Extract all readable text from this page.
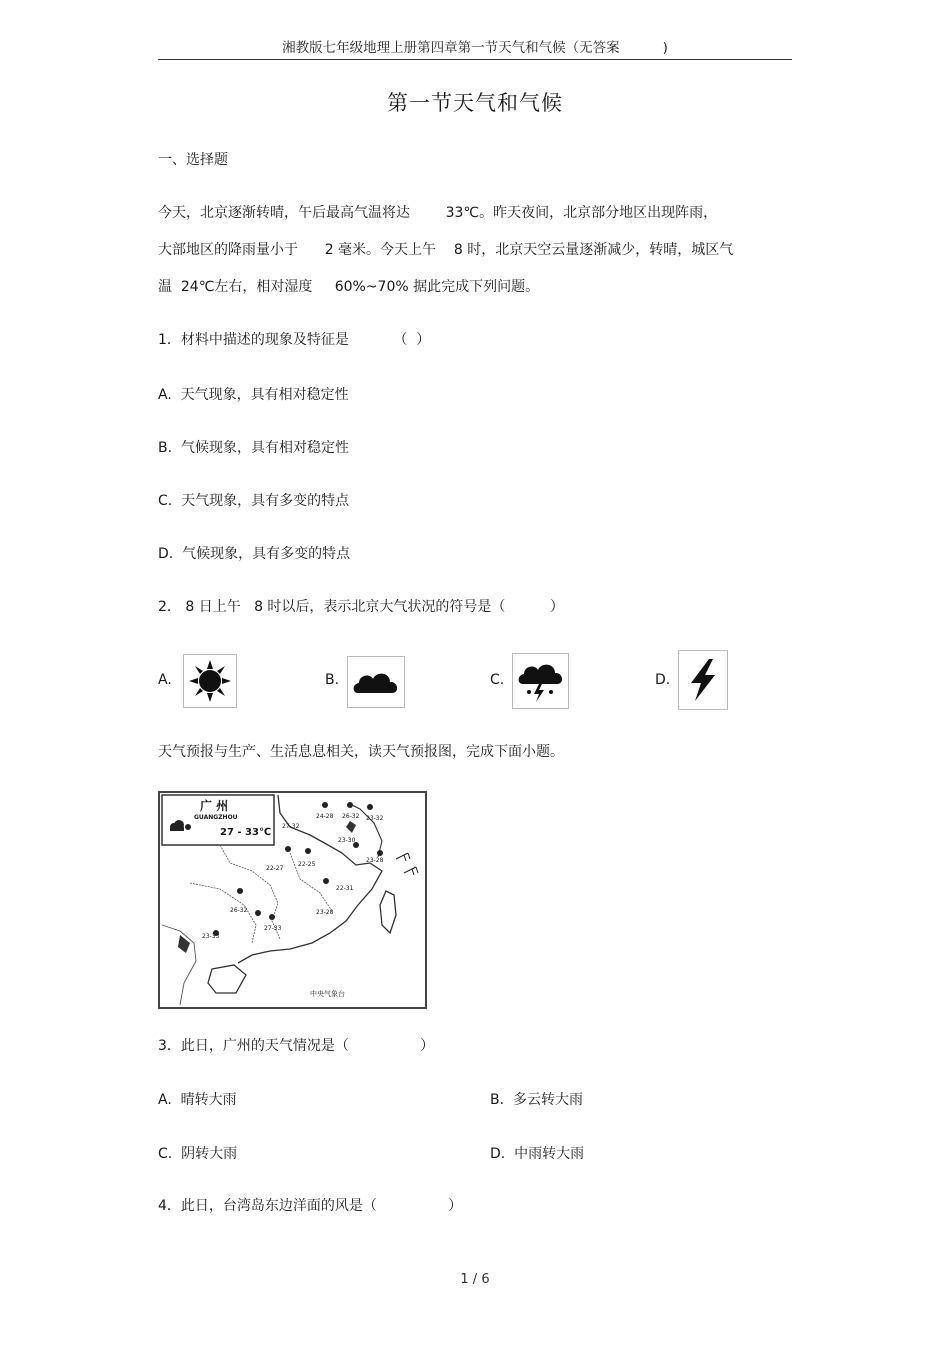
湘教版七年级地理上册第四章第一节天气和气候（无答案          )
第一节天气和气候
一、选择题
今天，北京逐渐转晴，午后最高气温将达        33℃。昨天夜间，北京部分地区出现阵雨，
大部地区的降雨量小于      2 毫米。今天上午    8 时，北京天空云量逐渐减少，转晴，城区气
温  24℃左右，相对湿度     60%~70% 据此完成下列问题。
1．材料中描述的现象及特征是          （  ）
A.  天气现象，具有相对稳定性
B.  气候现象，具有相对稳定性
C.  天气现象，具有多变的特点
D.  气候现象，具有多变的特点
2． 8 日上午   8 时以后，表示北京大气状况的符号是（          ）
A.	B.	C.	D.
天气预报与生产、生活息息相关，读天气预报图，完成下面小题。
广 州
GUANGZHOU
27 - 33℃
24-28 26-32 23-32
27-32
23-30
23-28
22-27
22-25
22-31
23-28
26-32
27-33
23-33
中央气象台
3．此日，广州的天气情况是（                ）
A.  晴转大雨	B.  多云转大雨
C.  阴转大雨	D.  中雨转大雨
4．此日，台湾岛东边洋面的风是（                ）
1 / 6
